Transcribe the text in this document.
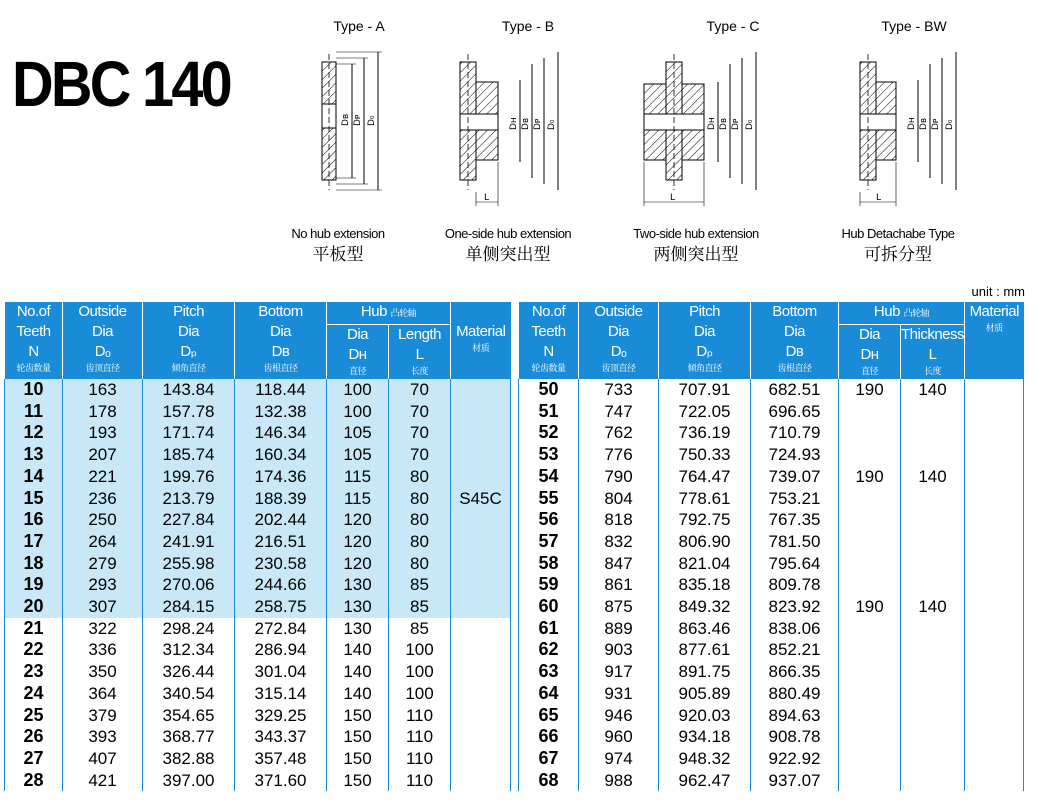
DBC 140
Type - A
Dʙ Dᴘ D₀
No hub extension
平板型
Type - B
L
Dʜ Dʙ Dᴘ D₀
One-side hub extension
单侧突出型
Type - C
L
Dʜ Dʙ Dᴘ D₀
Two-side hub extension
两侧突出型
Type - BW
L
Dʜ Dʙ Dᴘ D₀
Hub Detachabe Type
可拆分型
unit : mm
No.of
Teeth
N
轮齿数量	Outside
Dia
Dₒ
齿顶直径	Pitch
Dia
Dₚ
倾角直径	Bottom
Dia
Dʙ
齿根直径	Hub 凸轮轴		Material
材质

				Dia
Dʜ
直径	Length
L
长度	

10	163	143.84	118.44	100	70	S45C
11	178	157.78	132.38	100	70	
12	193	171.74	146.34	105	70	
13	207	185.74	160.34	105	70	
14	221	199.76	174.36	115	80	
15	236	213.79	188.39	115	80	
16	250	227.84	202.44	120	80	
17	264	241.91	216.51	120	80	
18	279	255.98	230.58	120	80	
19	293	270.06	244.66	130	85	
20	307	284.15	258.75	130	85	
21	322	298.24	272.84	130	85	
22	336	312.34	286.94	140	100	
23	350	326.44	301.04	140	100	
24	364	340.54	315.14	140	100	
25	379	354.65	329.25	150	110	
26	393	368.77	343.37	150	110	
27	407	382.88	357.48	150	110	
28	421	397.00	371.60	150	110	
No.of
Teeth
N
轮齿数量	Outside
Dia
Dₒ
齿顶直径	Pitch
Dia
Dₚ
倾角直径	Bottom
Dia
Dʙ
齿根直径	Hub 凸轮轴		Material
材质

				Dia
Dʜ
直径	Thickness
L
长度	

50	733	707.91	682.51	190	140	
51	747	722.05	696.65			
52	762	736.19	710.79			
53	776	750.33	724.93			
54	790	764.47	739.07	190	140	
55	804	778.61	753.21			
56	818	792.75	767.35			
57	832	806.90	781.50			
58	847	821.04	795.64			
59	861	835.18	809.78			
60	875	849.32	823.92	190	140	
61	889	863.46	838.06			
62	903	877.61	852.21			
63	917	891.75	866.35			
64	931	905.89	880.49			
65	946	920.03	894.63			
66	960	934.18	908.78			
67	974	948.32	922.92			
68	988	962.47	937.07			
